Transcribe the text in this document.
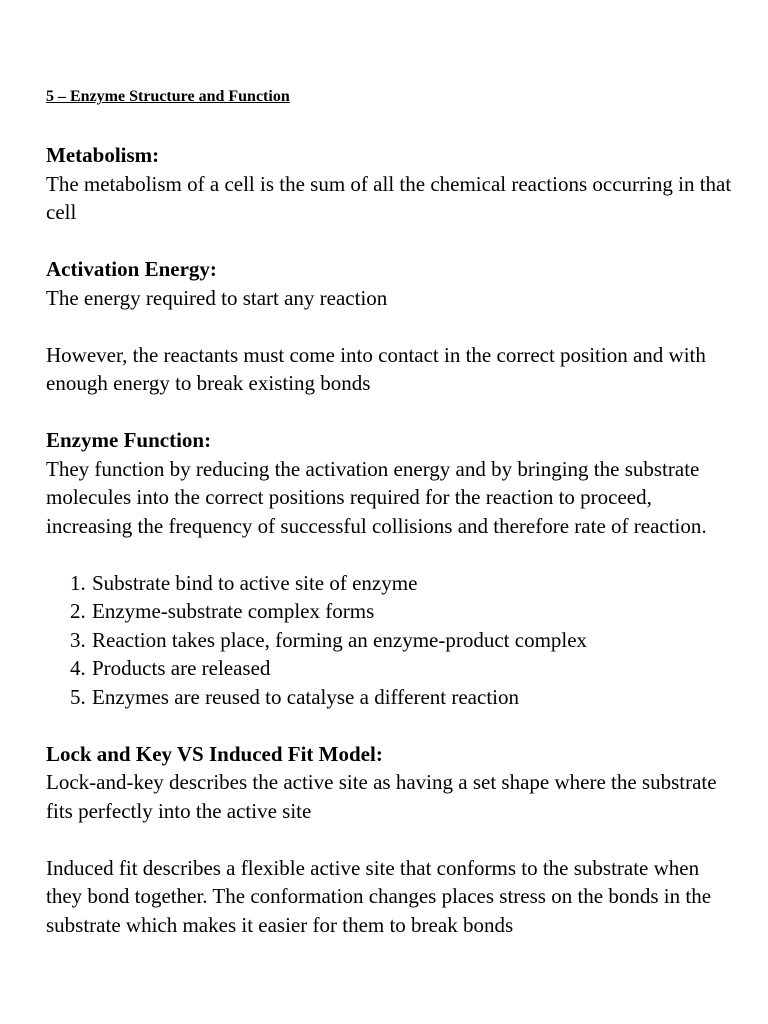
5 – Enzyme Structure and Function
Metabolism:
The metabolism of a cell is the sum of all the chemical reactions occurring in that cell
Activation Energy:
The energy required to start any reaction
However, the reactants must come into contact in the correct position and with enough energy to break existing bonds
Enzyme Function:
They function by reducing the activation energy and by bringing the substrate molecules into the correct positions required for the reaction to proceed, increasing the frequency of successful collisions and therefore rate of reaction.
1. Substrate bind to active site of enzyme
2. Enzyme-substrate complex forms
3. Reaction takes place, forming an enzyme-product complex
4. Products are released
5. Enzymes are reused to catalyse a different reaction
Lock and Key VS Induced Fit Model:
Lock-and-key describes the active site as having a set shape where the substrate fits perfectly into the active site
Induced fit describes a flexible active site that conforms to the substrate when they bond together. The conformation changes places stress on the bonds in the substrate which makes it easier for them to break bonds
